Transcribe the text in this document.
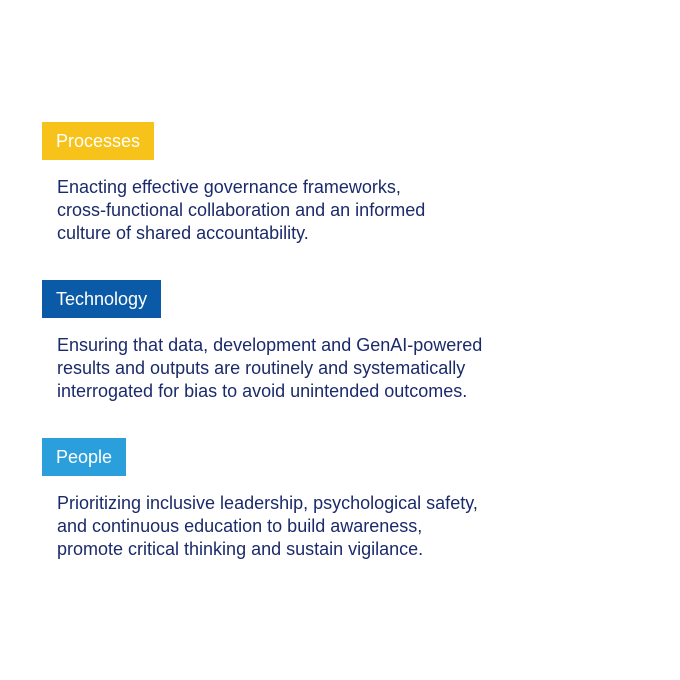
Processes
Enacting effective governance frameworks,
cross-functional collaboration and an informed
culture of shared accountability.
Technology
Ensuring that data, development and GenAI-powered
results and outputs are routinely and systematically
interrogated for bias to avoid unintended outcomes.
People
Prioritizing inclusive leadership, psychological safety,
and continuous education to build awareness,
promote critical thinking and sustain vigilance.
